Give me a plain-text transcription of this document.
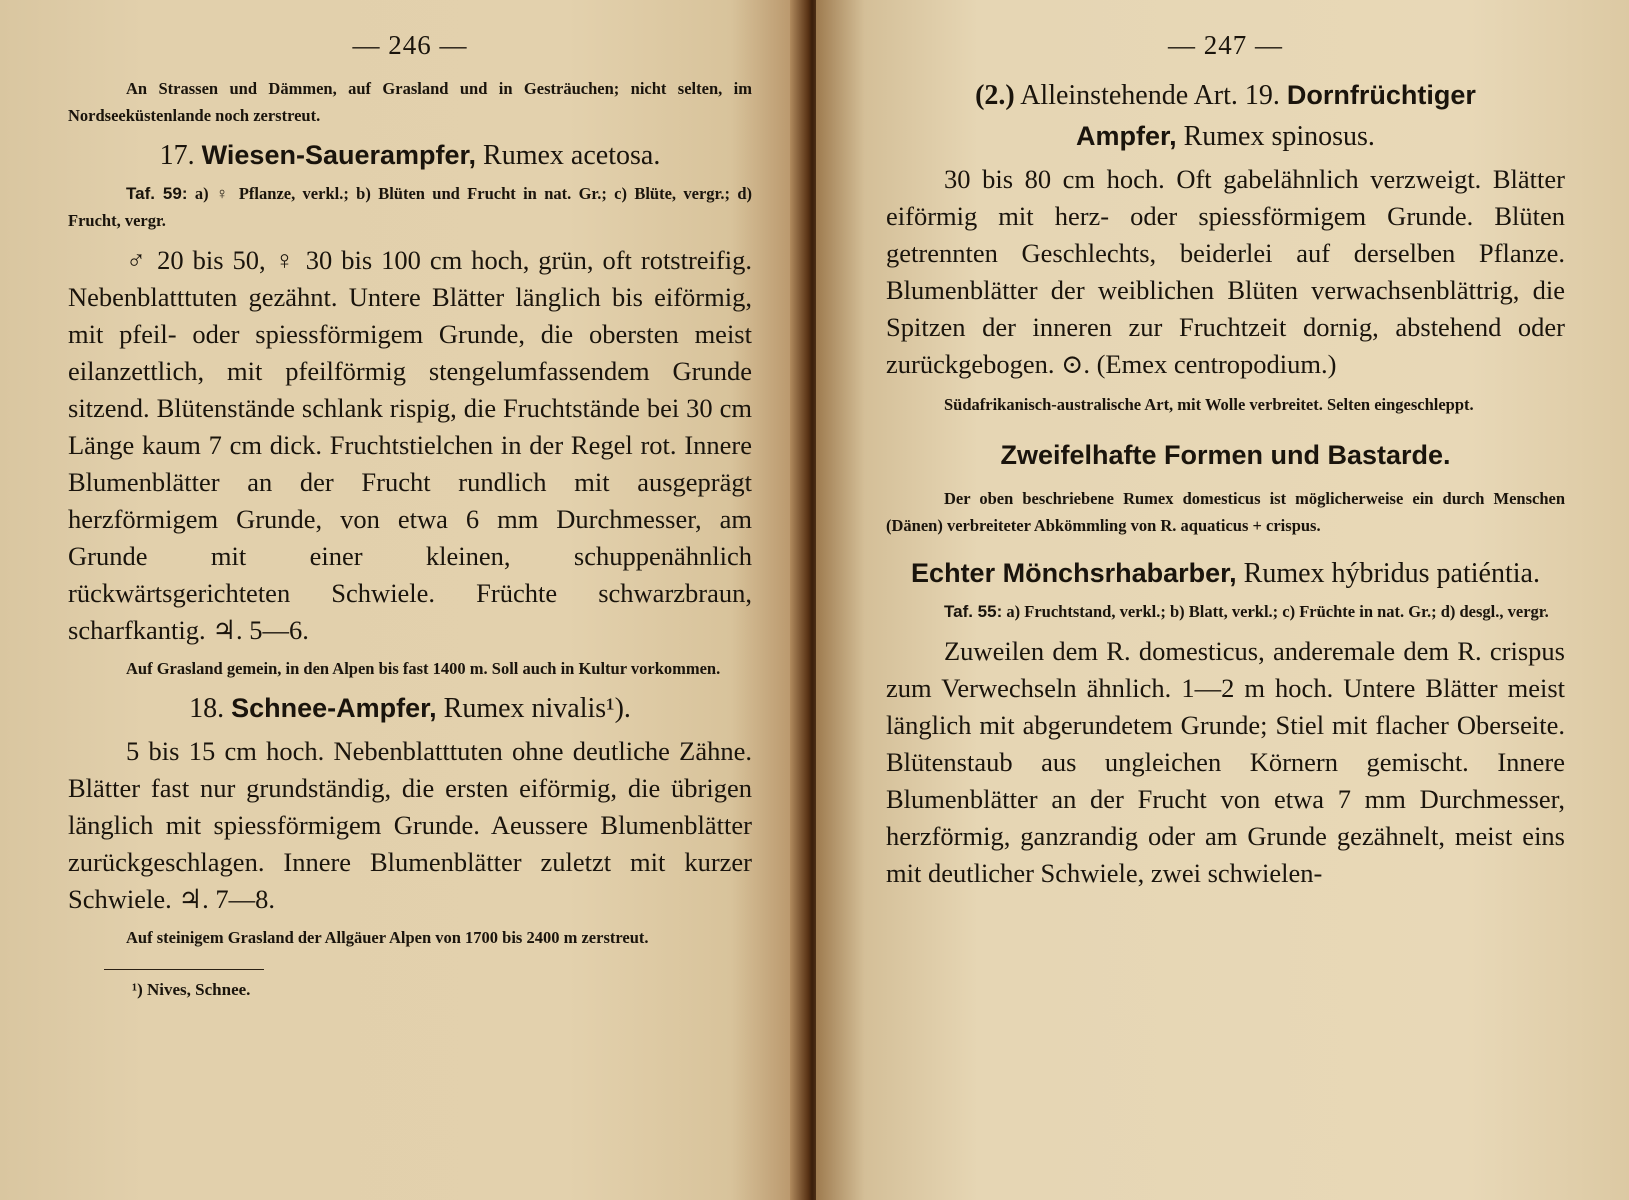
— 246 —

An Strassen und Dämmen, auf Grasland und in Gesträuchen; nicht selten, im Nordseeküstenlande noch zerstreut.

17. Wiesen-Sauerampfer, Rumex acetosa.

Taf. 59: a) ♀ Pflanze, verkl.; b) Blüten und Frucht in nat. Gr.; c) Blüte, vergr.; d) Frucht, vergr.

♂ 20 bis 50, ♀ 30 bis 100 cm hoch, grün, oft rotstreifig. Nebenblatttuten gezähnt. Untere Blätter länglich bis eiförmig, mit pfeil- oder spiessförmigem Grunde, die obersten meist eilanzettlich, mit pfeilförmig stengelumfassendem Grunde sitzend. Blütenstände schlank rispig, die Fruchtstände bei 30 cm Länge kaum 7 cm dick. Fruchtstielchen in der Regel rot. Innere Blumenblätter an der Frucht rundlich mit ausgeprägt herzförmigem Grunde, von etwa 6 mm Durchmesser, am Grunde mit einer kleinen, schuppenähnlich rückwärtsgerichteten Schwiele. Früchte schwarzbraun, scharfkantig. ♃. 5—6.

Auf Grasland gemein, in den Alpen bis fast 1400 m. Soll auch in Kultur vorkommen.

18. Schnee-Ampfer, Rumex nivalis¹).

5 bis 15 cm hoch. Nebenblatttuten ohne deutliche Zähne. Blätter fast nur grundständig, die ersten eiförmig, die übrigen länglich mit spiessförmigem Grunde. Aeussere Blumenblätter zurückgeschlagen. Innere Blumenblätter zuletzt mit kurzer Schwiele. ♃. 7—8.

Auf steinigem Grasland der Allgäuer Alpen von 1700 bis 2400 m zerstreut.

¹) Nives, Schnee.
— 247 —
(2.) Alleinstehende Art. 19. Dornfrüchtiger
Ampfer, Rumex spinosus.

30 bis 80 cm hoch. Oft gabelähnlich verzweigt. Blätter eiförmig mit herz- oder spiessförmigem Grunde. Blüten getrennten Geschlechts, beiderlei auf derselben Pflanze. Blumenblätter der weiblichen Blüten verwachsenblättrig, die Spitzen der inneren zur Fruchtzeit dornig, abstehend oder zurückgebogen. ⊙. (Emex centropodium.)

Südafrikanisch-australische Art, mit Wolle verbreitet. Selten eingeschleppt.

Zweifelhafte Formen und Bastarde.

Der oben beschriebene Rumex domesticus ist möglicherweise ein durch Menschen (Dänen) verbreiteter Abkömmling von R. aquaticus + crispus.

Echter Mönchsrhabarber, Rumex hýbridus patiéntia.

Taf. 55: a) Fruchtstand, verkl.; b) Blatt, verkl.; c) Früchte in nat. Gr.; d) desgl., vergr.

Zuweilen dem R. domesticus, anderemale dem R. crispus zum Verwechseln ähnlich. 1—2 m hoch. Untere Blätter meist länglich mit abgerundetem Grunde; Stiel mit flacher Oberseite. Blütenstaub aus ungleichen Körnern gemischt. Innere Blumenblätter an der Frucht von etwa 7 mm Durchmesser, herzförmig, ganzrandig oder am Grunde gezähnelt, meist eins mit deutlicher Schwiele, zwei schwielen-
